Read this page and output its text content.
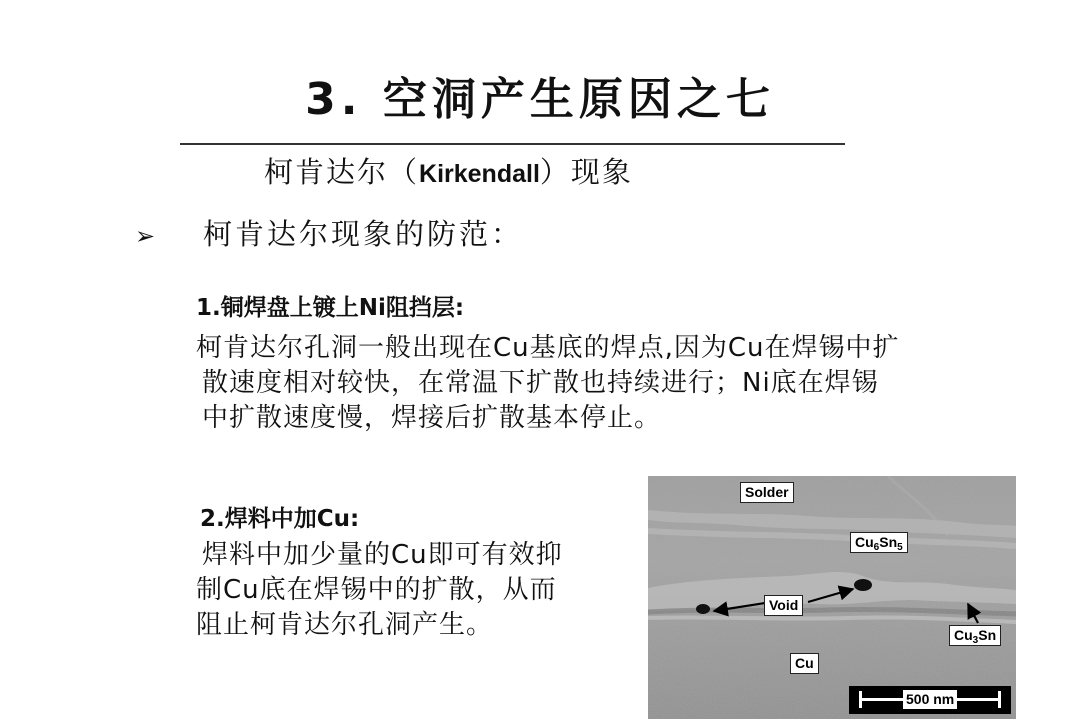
3. 空洞产生原因之七
柯肯达尔（Kirkendall）现象
➢ 柯肯达尔现象的防范：
1.铜焊盘上镀上Ni阻挡层:
柯肯达尔孔洞一般出现在Cu基底的焊点,因为Cu在焊锡中扩
散速度相对较快，在常温下扩散也持续进行；Ni底在焊锡
中扩散速度慢，焊接后扩散基本停止。
2.焊料中加Cu:
焊料中加少量的Cu即可有效抑
制Cu底在焊锡中的扩散，从而
阻止柯肯达尔孔洞产生。
Solder
$Cu_6Sn_5$
Void
$Cu_3Sn$
Cu
500 nm
